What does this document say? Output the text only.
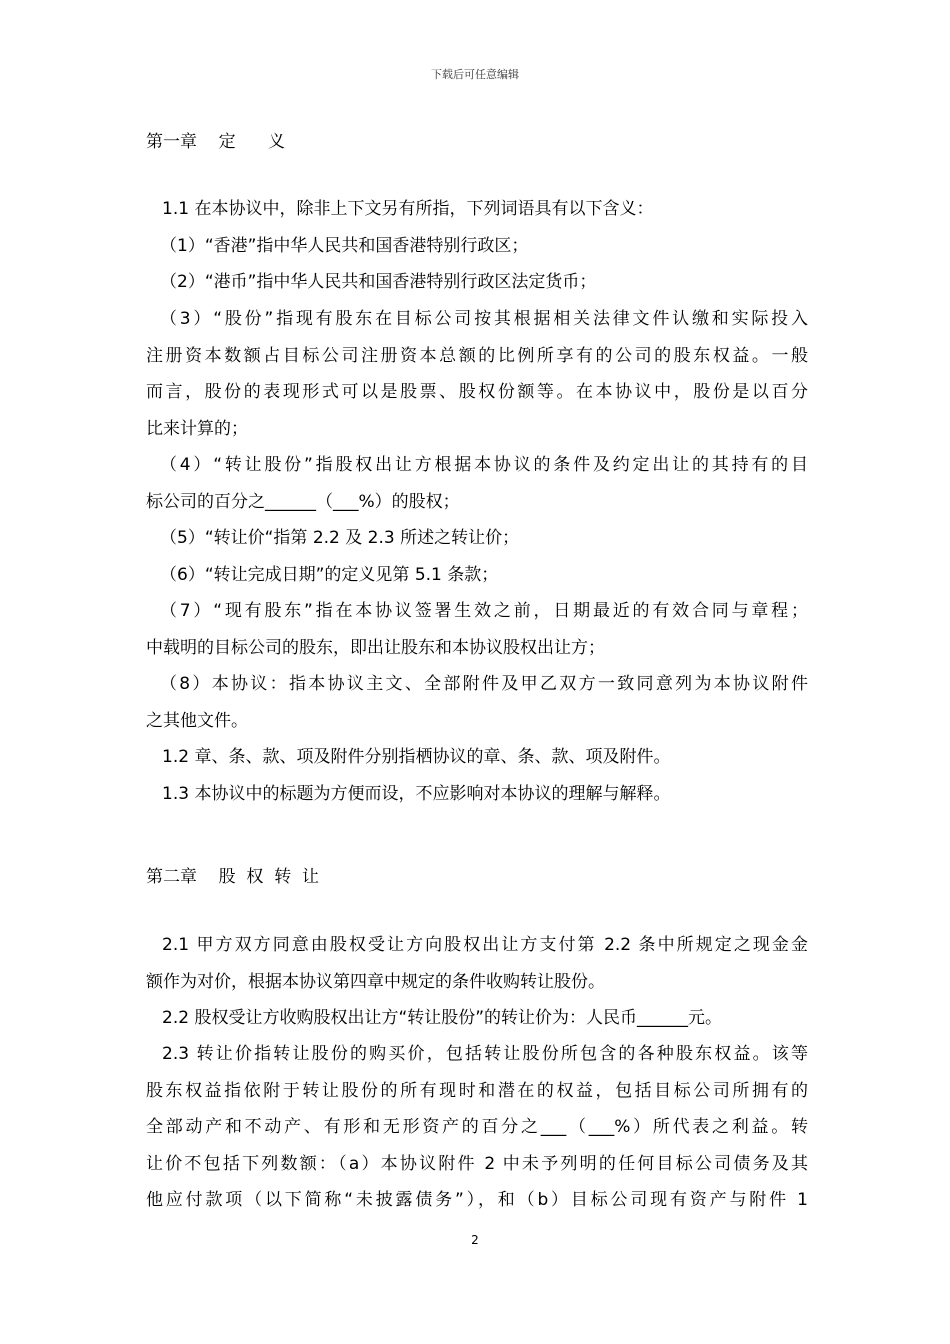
下载后可任意编辑
第一章    定      义
1.1 在本协议中，除非上下文另有所指，下列词语具有以下含义：
（1）“香港”指中华人民共和国香港特别行政区；
（2）“港币”指中华人民共和国香港特别行政区法定货币；
（3）“股份”指现有股东在目标公司按其根据相关法律文件认缴和实际投入
注册资本数额占目标公司注册资本总额的比例所享有的公司的股东权益。一般
而言，股份的表现形式可以是股票、股权份额等。在本协议中，股份是以百分
比来计算的；
（4）“转让股份”指股权出让方根据本协议的条件及约定出让的其持有的目
标公司的百分之______（___%）的股权；
（5）“转让价“指第 2.2 及 2.3 所述之转让价；
（6）“转让完成日期”的定义见第 5.1 条款；
（7）“现有股东”指在本协议签署生效之前，日期最近的有效合同与章程；
中载明的目标公司的股东，即出让股东和本协议股权出让方；
（8）本协议：指本协议主文、全部附件及甲乙双方一致同意列为本协议附件
之其他文件。
1.2 章、条、款、项及附件分别指栖协议的章、条、款、项及附件。
1.3 本协议中的标题为方便而设，不应影响对本协议的理解与解释。
第二章    股  权  转  让
2.1 甲方双方同意由股权受让方向股权出让方支付第 2.2 条中所规定之现金金
额作为对价，根据本协议第四章中规定的条件收购转让股份。
2.2 股权受让方收购股权出让方“转让股份”的转让价为：人民币______元。
2.3 转让价指转让股份的购买价，包括转让股份所包含的各种股东权益。该等
股东权益指依附于转让股份的所有现时和潜在的权益，包括目标公司所拥有的
全部动产和不动产、有形和无形资产的百分之___（___%）所代表之利益。转
让价不包括下列数额：（a）本协议附件 2 中未予列明的任何目标公司债务及其
他应付款项（以下简称“未披露债务”），和（b）目标公司现有资产与附件 1
2
